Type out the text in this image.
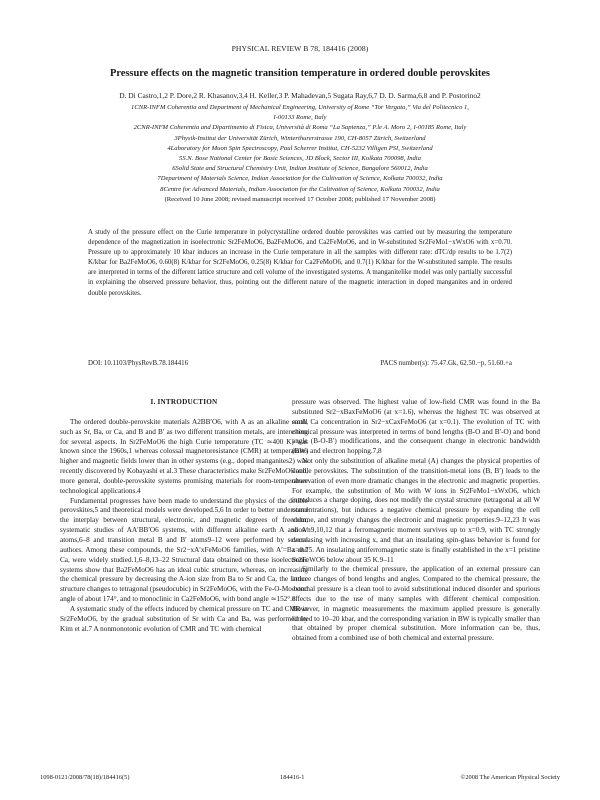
PHYSICAL REVIEW B 78, 184416 (2008)
Pressure effects on the magnetic transition temperature in ordered double perovskites
D. Di Castro,1,2 P. Dore,2 R. Khasanov,3,4 H. Keller,3 P. Mahadevan,5 Sugata Ray,6,7 D. D. Sarma,6,8 and P. Postorino2
1CNR-INFM Coherentia and Department of Mechanical Engineering, University of Rome “Tor Vergata,” Via del Politecnico 1,
I-00133 Rome, Italy
2CNR-INFM Coherentia and Dipartimento di Fisica, Università di Roma “La Sapienza,” P.le A. Moro 2, I-00185 Rome, Italy
3Physik-Institut der Universität Zürich, Winterthurerstrasse 190, CH-8057 Zürich, Switzerland
4Laboratory for Muon Spin Spectroscopy, Paul Scherrer Institut, CH-5232 Villigen PSI, Switzerland
5S.N. Bose National Center for Basic Sciences, JD Block, Sector III, Kolkata 700098, India
6Solid State and Structural Chemistry Unit, Indian Institute of Science, Bangalore 560012, India
7Department of Materials Science, Indian Association for the Cultivation of Science, Kolkata 700032, India
8Centre for Advanced Materials, Indian Association for the Cultivation of Science, Kolkata 700032, India
(Received 10 June 2008; revised manuscript received 17 October 2008; published 17 November 2008)
A study of the pressure effect on the Curie temperature in polycrystalline ordered double perovskites was carried out by measuring the temperature dependence of the magnetization in isoelectronic Sr2FeMoO6, Ba2FeMoO6, and Ca2FeMoO6, and in W-substituted Sr2FeMo1−xWxO6 with x=0.70. Pressure up to approximately 10 kbar induces an increase in the Curie temperature in all the samples with different rate: dTC/dp results to be 1.7(2) K/kbar for Ba2FeMoO6, 0.60(8) K/kbar for Sr2FeMoO6, 0.25(8) K/kbar for Ca2FeMoO6, and 0.7(1) K/kbar for the W-substituted sample. The results are interpreted in terms of the different lattice structure and cell volume of the investigated systems. A manganitelike model was only partially successful in explaining the observed pressure behavior, thus, pointing out the different nature of the magnetic interaction in doped manganites and in ordered double perovskites.
DOI: 10.1103/PhysRevB.78.184416	PACS number(s): 75.47.Gk, 62.50.−p, 51.60.+a
I. INTRODUCTION

The ordered double-perovskite materials A2BB′O6, with A as an alkaline earth, such as Sr, Ba, or Ca, and B and B′ as two different transition metals, are interesting for several aspects. In Sr2FeMoO6 the high Curie temperature (TC ≃400 K) was known since the 1960s,1 whereas colossal magnetoresistance (CMR) at temperatures higher and magnetic fields lower than in other systems (e.g., doped manganites2) was recently discovered by Kobayashi et al.3 These characteristics make Sr2FeMoO6 and, more general, double-perovskite systems promising materials for room-temperature technological applications.4

Fundamental progresses have been made to understand the physics of the double perovskites,5 and theoretical models were developed.5,6 In order to better understand the interplay between structural, electronic, and magnetic degrees of freedom, systematic studies of AA′BB′O6 systems, with different alkaline earth A and A′ atoms,6–8 and transition metal B and B′ atoms9–12 were performed by several authors. Among these compounds, the Sr2−xA′xFeMoO6 families, with A′=Ba and Ca, were widely studied.1,6–8,13–22 Structural data obtained on these isoelectronic systems show that Ba2FeMoO6 has an ideal cubic structure, whereas, on increasing the chemical pressure by decreasing the A-ion size from Ba to Sr and Ca, the lattice structure changes to tetragonal (pseudocubic) in Sr2FeMoO6, with the Fe-O-Mo bond angle of about 174°, and to monoclinic in Ca2FeMoO6, with bond angle ≃152°.8

A systematic study of the effects induced by chemical pressure on TC and CMR in Sr2FeMoO6, by the gradual substitution of Sr with Ca and Ba, was performed by Kim et al.7 A nonmonotonic evolution of CMR and TC with chemical

pressure was observed. The highest value of low-field CMR was found in the Ba substituted Sr2−xBaxFeMoO6 (at x=1.6), whereas the highest TC was observed at small Ca concentration in Sr2−xCaxFeMoO6 (at x=0.1). The evolution of TC with chemical pressure was interpreted in terms of bond lengths (B-O and B′-O) and bond angle (B-O-B′) modifications, and the consequent change in electronic bandwidth (BW) and electron hopping.7,8

Not only the substitution of alkaline metal (A) changes the physical properties of double perovskites. The substitution of the transition-metal ions (B, B′) leads to the observation of even more dramatic changes in the electronic and magnetic properties. For example, the substitution of Mo with W ions in Sr2FeMo1−xWxO6, which introduces a charge doping, does not modify the crystal structure (tetragonal at all W concentrations), but induces a negative chemical pressure by expanding the cell volume, and strongly changes the electronic and magnetic properties.9–12,23 It was shown9,10,12 that a ferromagnetic moment survives up to x=0.9, with TC strongly decreasing with increasing x, and that an insulating spin-glass behavior is found for x>0.75. An insulating antiferromagnetic state is finally established in the x=1 pristine Sr2FeWO6 below about 35 K.9–11

Similarly to the chemical pressure, the application of an external pressure can induce changes of bond lengths and angles. Compared to the chemical pressure, the external pressure is a clean tool to avoid substitutional induced disorder and spurious effects due to the use of many samples with different chemical composition. However, in magnetic measurements the maximum applied pressure is generally limited to 10–20 kbar, and the corresponding variation in BW is typically smaller than that obtained by proper chemical substitution. More information can be, thus, obtained from a combined use of both chemical and external pressure.

1098-0121/2008/78(18)/184416(5)	184416-1	©2008 The American Physical Society
